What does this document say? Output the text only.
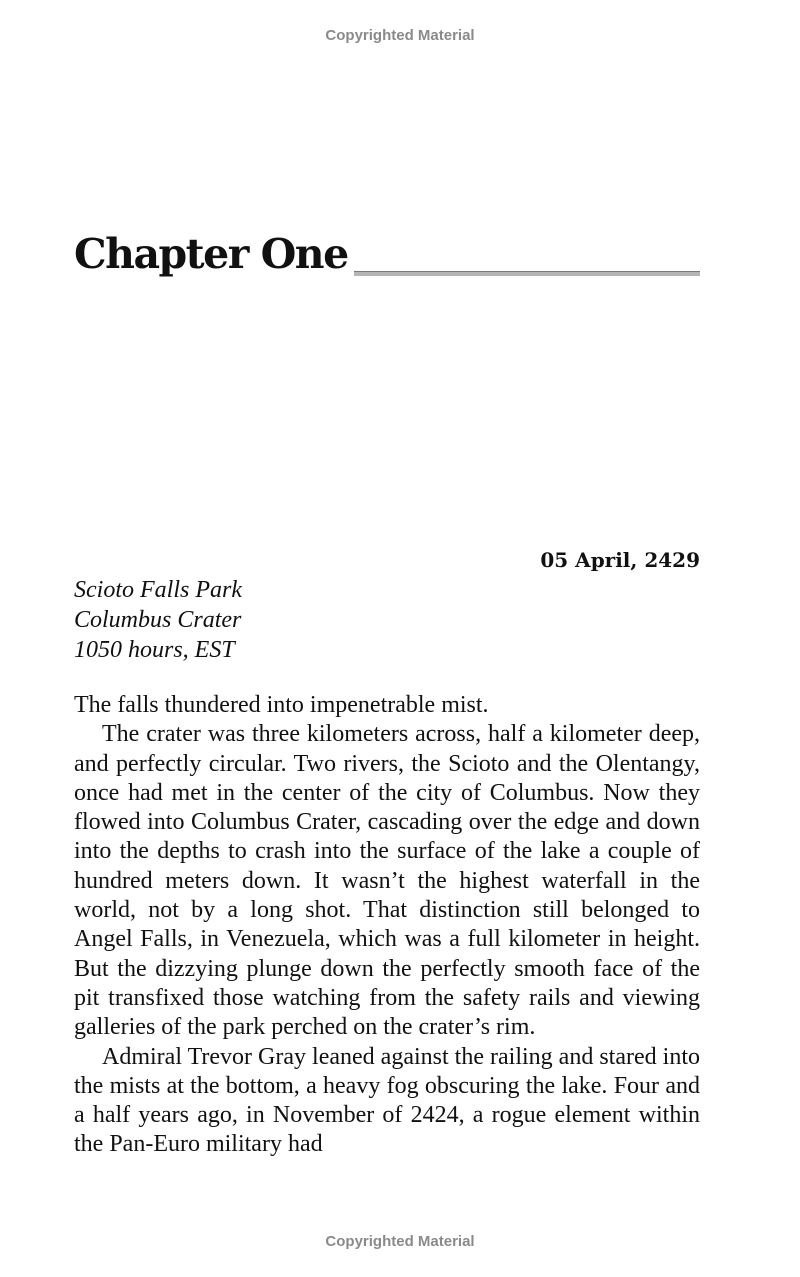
Copyrighted Material
Chapter One
05 April, 2429
Scioto Falls Park
Columbus Crater
1050 hours, EST

The falls thundered into impenetrable mist.

The crater was three kilometers across, half a kilometer deep, and perfectly circular. Two rivers, the Scioto and the Olentangy, once had met in the center of the city of Columbus. Now they flowed into Columbus Crater, cascading over the edge and down into the depths to crash into the surface of the lake a couple of hundred meters down. It wasn’t the highest waterfall in the world, not by a long shot. That distinction still belonged to Angel Falls, in Venezuela, which was a full kilometer in height. But the dizzying plunge down the perfectly smooth face of the pit transfixed those watching from the safety rails and viewing galleries of the park perched on the crater’s rim.

Admiral Trevor Gray leaned against the railing and stared into the mists at the bottom, a heavy fog obscuring the lake. Four and a half years ago, in November of 2424, a rogue element within the Pan-Euro military had

Copyrighted Material
